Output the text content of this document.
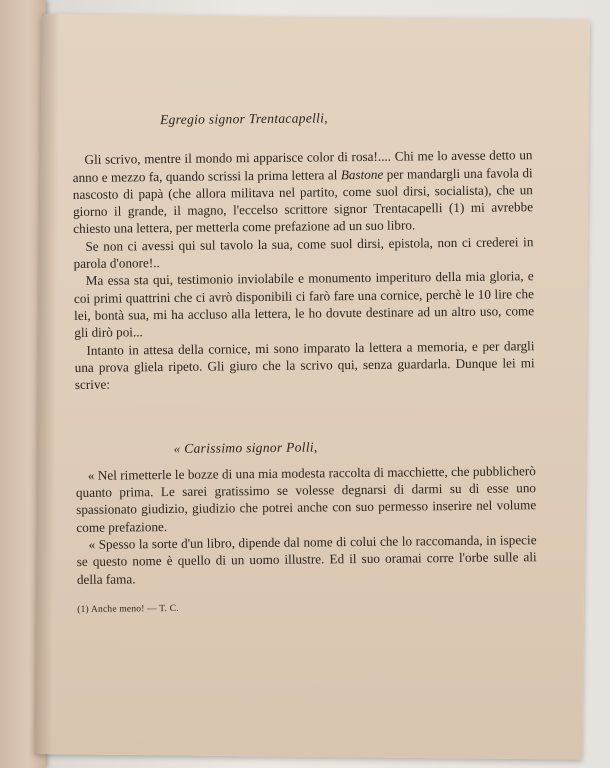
Egregio signor Trentacapelli,

Gli scrivo, mentre il mondo mi apparisce color di rosa!.... Chi me lo avesse detto un anno e mezzo fa, quando scrissi la prima lettera al Bastone per mandargli una favola di nascosto di papà (che allora militava nel partito, come suol dirsi, socialista), che un giorno il grande, il magno, l'eccelso scrittore signor Trentacapelli (1) mi avrebbe chiesto una lettera, per metterla come prefazione ad un suo libro.

Se non ci avessi qui sul tavolo la sua, come suol dirsi, epistola, non ci crederei in parola d'onore!..

Ma essa sta qui, testimonio inviolabile e monumento imperituro della mia gloria, e coi primi quattrini che ci avrò disponibili ci farò fare una cornice, perchè le 10 lire che lei, bontà sua, mi ha accluso alla lettera, le ho dovute destinare ad un altro uso, come gli dirò poi...

Intanto in attesa della cornice, mi sono imparato la lettera a memoria, e per dargli una prova gliela ripeto. Gli giuro che la scrivo qui, senza guardarla. Dunque lei mi scrive:

« Carissimo signor Polli,

« Nel rimetterle le bozze di una mia modesta raccolta di macchiette, che pubblicherò quanto prima. Le sarei gratissimo se volesse degnarsi di darmi su di esse uno spassionato giudizio, giudizio che potrei anche con suo permesso inserire nel volume come prefazione.

« Spesso la sorte d'un libro, dipende dal nome di colui che lo raccomanda, in ispecie se questo nome è quello di un uomo illustre. Ed il suo oramai corre l'orbe sulle ali della fama.

(1) Anche meno! — T. C.
